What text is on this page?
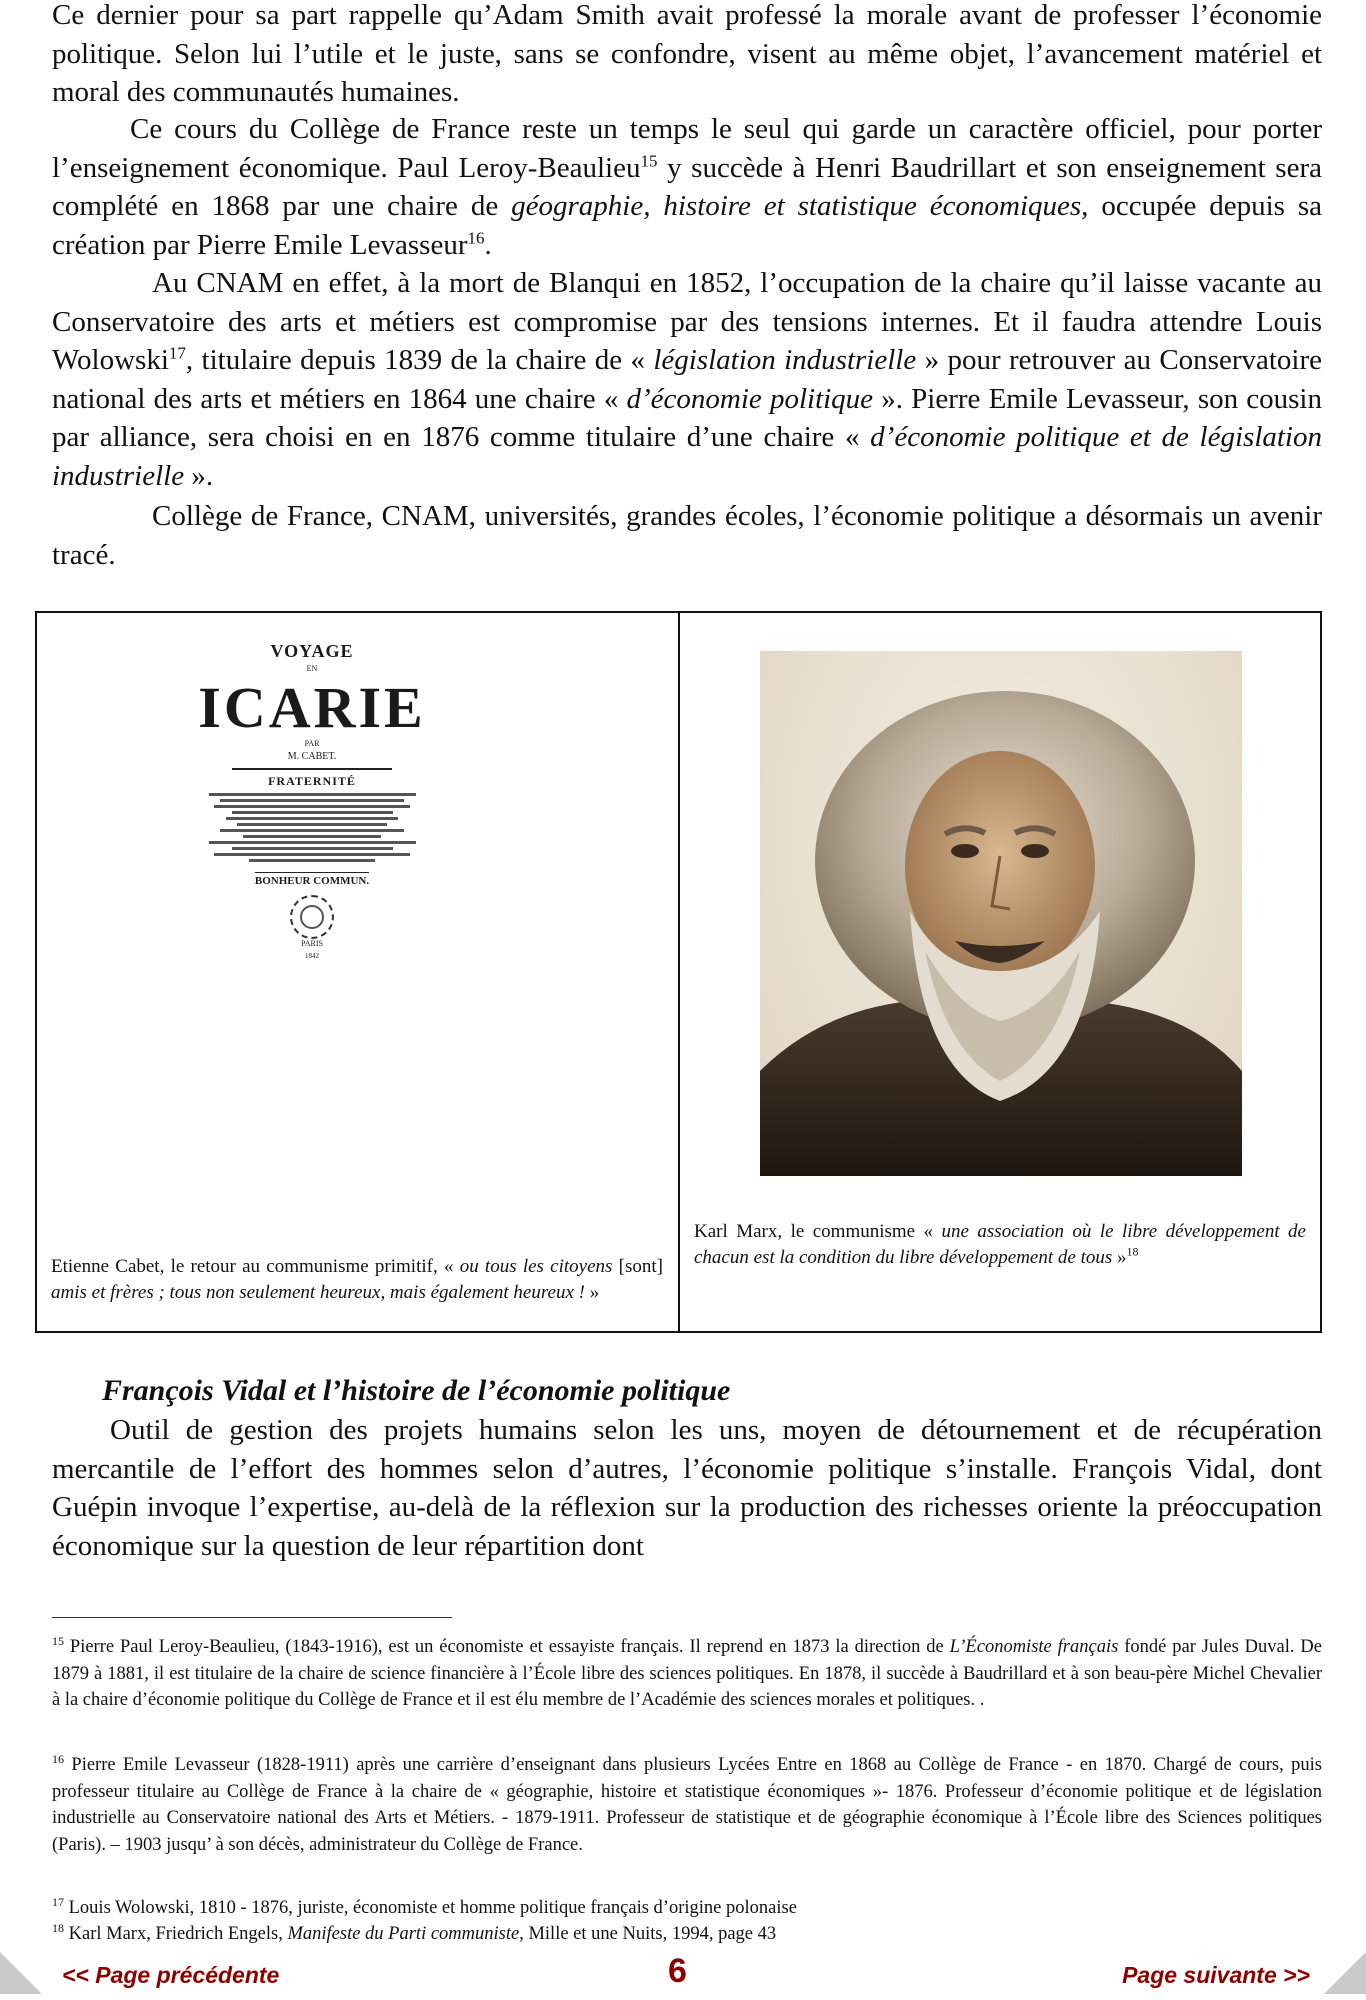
Ce dernier pour sa part rappelle qu’Adam Smith avait professé la morale avant de professer l’économie politique. Selon lui l’utile et le juste, sans se confondre, visent au même objet, l’avancement matériel et moral des communautés humaines.

Ce cours du Collège de France reste un temps le seul qui garde un caractère officiel, pour porter l’enseignement économique. Paul Leroy-Beaulieu$^{15}$ y succède à Henri Baudrillart et son enseignement sera complété en 1868 par une chaire de géographie, histoire et statistique économiques, occupée depuis sa création par Pierre Emile Levasseur$^{16}$.

Au CNAM en effet, à la mort de Blanqui en 1852, l’occupation de la chaire qu’il laisse vacante au Conservatoire des arts et métiers est compromise par des tensions internes. Et il faudra attendre Louis Wolowski$^{17}$, titulaire depuis 1839 de la chaire de « législation industrielle » pour retrouver au Conservatoire national des arts et métiers en 1864 une chaire « d’économie politique ». Pierre Emile Levasseur, son cousin par alliance, sera choisi en en 1876 comme titulaire d’une chaire « d’économie politique et de législation industrielle ».

Collège de France, CNAM, universités, grandes écoles, l’économie politique a désormais un avenir tracé.

VOYAGE
EN
ICARIE
PAR
M. CABET.
FRATERNITÉ
BONHEUR COMMUN.
PARIS
1842

Etienne Cabet, le retour au communisme primitif, « ou tous les citoyens [sont] amis et frères ; tous non seulement heureux, mais également heureux ! »

Karl Marx, le communisme « une association où le libre développement de chacun est la condition du libre développement de tous »$^{18}$

François Vidal et l’histoire de l’économie politique

Outil de gestion des projets humains selon les uns, moyen de détournement et de récupération mercantile de l’effort des hommes selon d’autres, l’économie politique s’installe. François Vidal, dont Guépin invoque l’expertise, au-delà de la réflexion sur la production des richesses oriente la préoccupation économique sur la question de leur répartition dont

$^{15}$ Pierre Paul Leroy-Beaulieu, (1843-1916), est un économiste et essayiste français. Il reprend en 1873 la direction de L’Économiste français fondé par Jules Duval. De 1879 à 1881, il est titulaire de la chaire de science financière à l’École libre des sciences politiques. En 1878, il succède à Baudrillard et à son beau-père Michel Chevalier à la chaire d’économie politique du Collège de France et il est élu membre de l’Académie des sciences morales et politiques. .

$^{16}$ Pierre Emile Levasseur (1828-1911) après une carrière d’enseignant dans plusieurs Lycées Entre en 1868 au Collège de France - en 1870. Chargé de cours, puis professeur titulaire au Collège de France à la chaire de « géographie, histoire et statistique économiques »- 1876. Professeur d’économie politique et de législation industrielle au Conservatoire national des Arts et Métiers. - 1879-1911. Professeur de statistique et de géographie économique à l’École libre des Sciences politiques (Paris). – 1903 jusqu’ à son décès, administrateur du Collège de France.

$^{17}$ Louis Wolowski, 1810 - 1876, juriste, économiste et homme politique français d’origine polonaise

$^{18}$ Karl Marx, Friedrich Engels, Manifeste du Parti communiste, Mille et une Nuits, 1994, page 43

<< Page précédente	6	Page suivante >>
